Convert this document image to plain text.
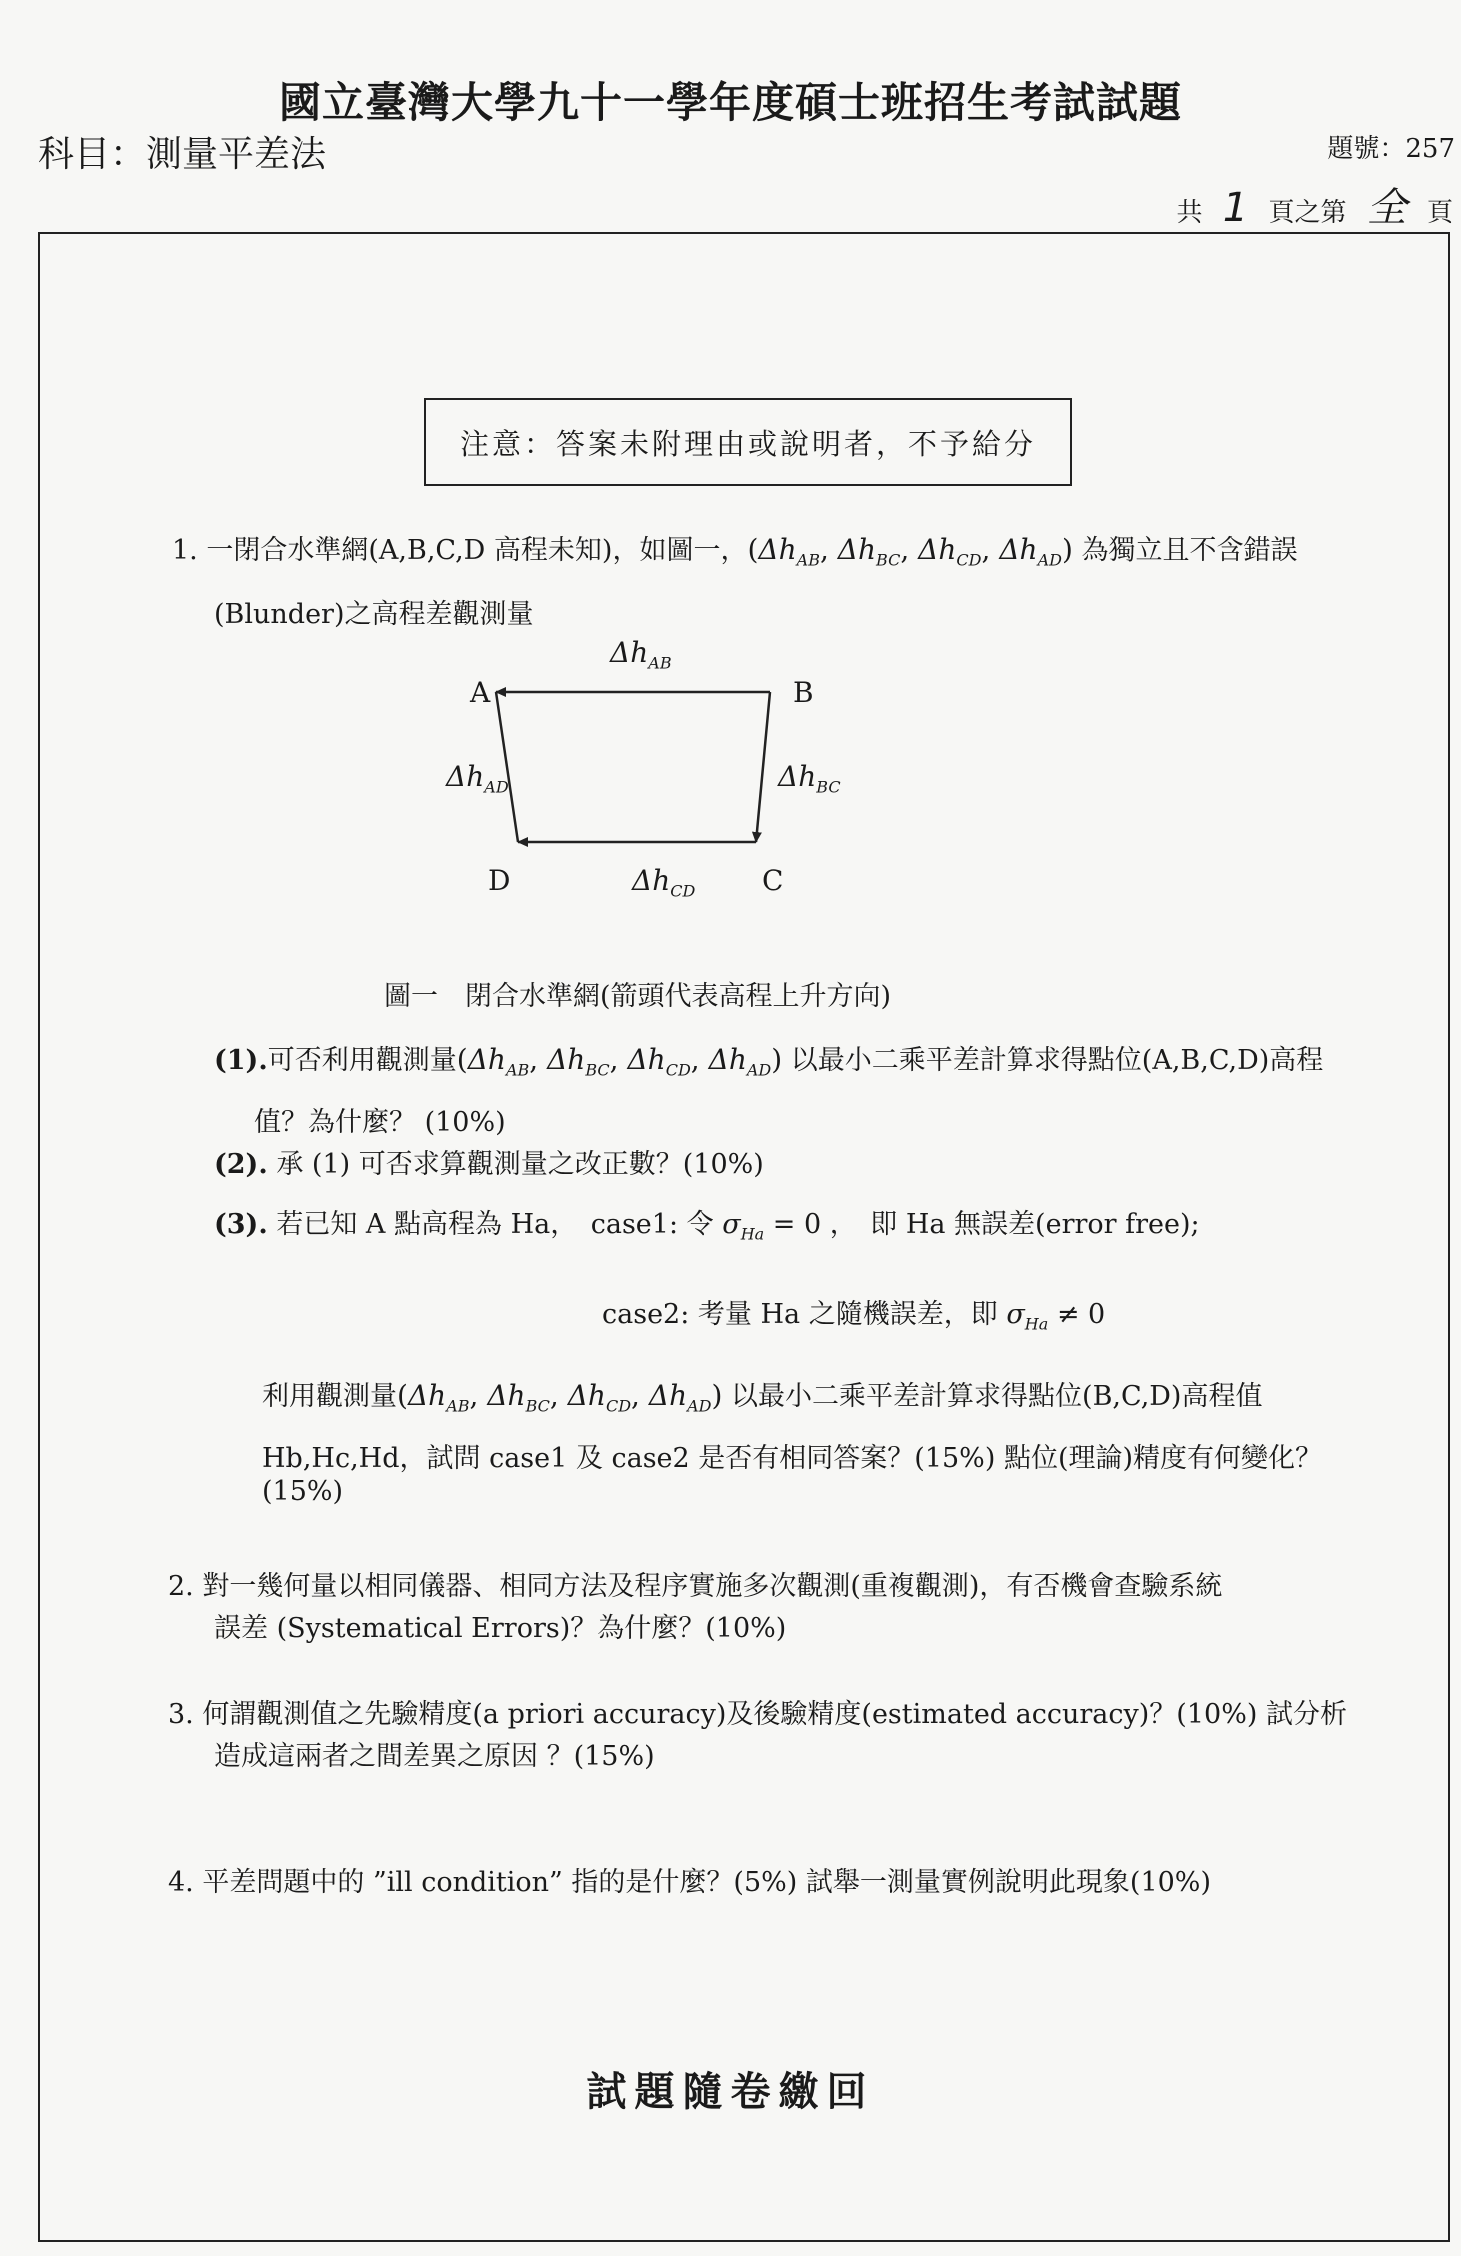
國立臺灣大學九十一學年度碩士班招生考試試題
科目：測量平差法	題號：257
共 1 頁之第 全 頁
注意：答案未附理由或說明者，不予給分
1. 一閉合水準網(A,B,C,D 高程未知)，如圖一，($\Delta h_{AB}$, $\Delta h_{BC}$, $\Delta h_{CD}$, $\Delta h_{AD}$) 為獨立且不含錯誤
(Blunder)之高程差觀測量
A	B
C
D
$\Delta h_{AB}$
$\Delta h_{BC}$
$\Delta h_{CD}$
$\Delta h_{AD}$
圖一　閉合水準網(箭頭代表高程上升方向)
(1).可否利用觀測量($\Delta h_{AB}$, $\Delta h_{BC}$, $\Delta h_{CD}$, $\Delta h_{AD}$) 以最小二乘平差計算求得點位(A,B,C,D)高程
值？為什麼？ (10%)
(2). 承 (1) 可否求算觀測量之改正數？(10%)
(3). 若已知 A 點高程為 Ha，　case1: 令 $\sigma_{Ha} = 0$ ，　即 Ha 無誤差(error free);
case2: 考量 Ha 之隨機誤差，即 $\sigma_{Ha} \ne 0$
利用觀測量($\Delta h_{AB}$, $\Delta h_{BC}$, $\Delta h_{CD}$, $\Delta h_{AD}$) 以最小二乘平差計算求得點位(B,C,D)高程值
Hb,Hc,Hd，試問 case1 及 case2 是否有相同答案？(15%) 點位(理論)精度有何變化？
(15%)
2. 對一幾何量以相同儀器、相同方法及程序實施多次觀測(重複觀測)，有否機會查驗系統
誤差 (Systematical Errors)？為什麼？(10%)
3. 何謂觀測值之先驗精度(a priori accuracy)及後驗精度(estimated accuracy)？(10%) 試分析
造成這兩者之間差異之原因 ？(15%)
4. 平差問題中的 ”ill condition” 指的是什麼？(5%) 試舉一測量實例說明此現象(10%)
試題隨卷繳回
